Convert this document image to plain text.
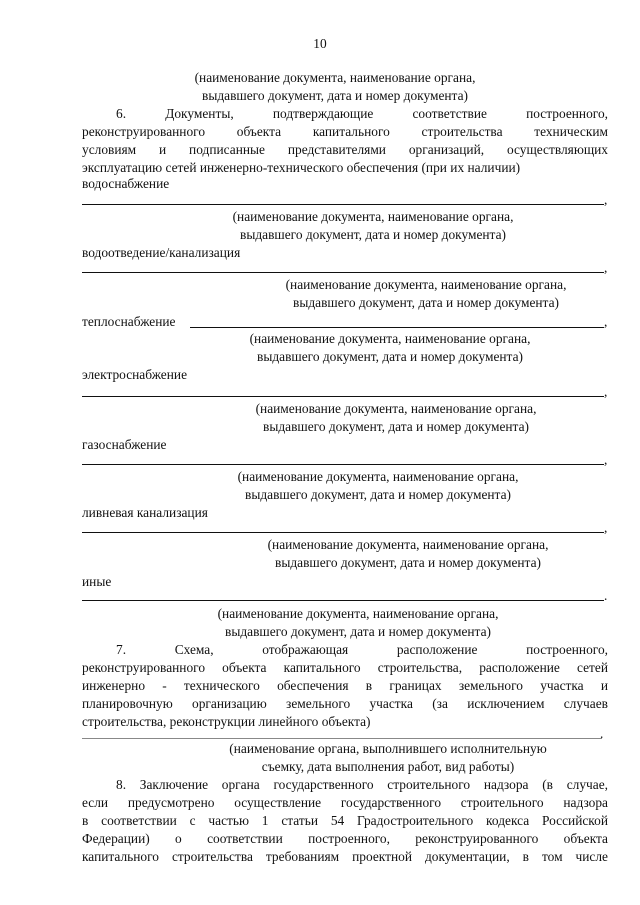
10
(наименование документа, наименование органа,
выдавшего документ, дата и номер документа)
6. Документы, подтверждающие соответствие построенного,
реконструированного объекта капитального строительства техническим
условиям и подписанные представителями организаций, осуществляющих
эксплуатацию сетей инженерно-технического обеспечения (при их наличии)
водоснабжение
,
(наименование документа, наименование органа,
выдавшего документ, дата и номер документа)
водоотведение/канализация
,
(наименование документа, наименование органа,
выдавшего документ, дата и номер документа)
теплоснабжение	,
(наименование документа, наименование органа,
выдавшего документ, дата и номер документа)
электроснабжение
,
(наименование документа, наименование органа,
выдавшего документ, дата и номер документа)
газоснабжение
,
(наименование документа, наименование органа,
выдавшего документ, дата и номер документа)
ливневая канализация
,
(наименование документа, наименование органа,
выдавшего документ, дата и номер документа)
иные
.
(наименование документа, наименование органа,
выдавшего документ, дата и номер документа)
7. Схема, отображающая расположение построенного,
реконструированного объекта капитального строительства, расположение сетей
инженерно - технического обеспечения в границах земельного участка и
планировочную организацию земельного участка (за исключением случаев
строительства, реконструкции линейного объекта)
.
(наименование органа, выполнившего исполнительную
съемку, дата выполнения работ, вид работы)
8. Заключение органа государственного строительного надзора (в случае,
если предусмотрено осуществление государственного строительного надзора
в соответствии с частью 1 статьи 54 Градостроительного кодекса Российской
Федерации) о соответствии построенного, реконструированного объекта
капитального строительства требованиям проектной документации, в том числе
